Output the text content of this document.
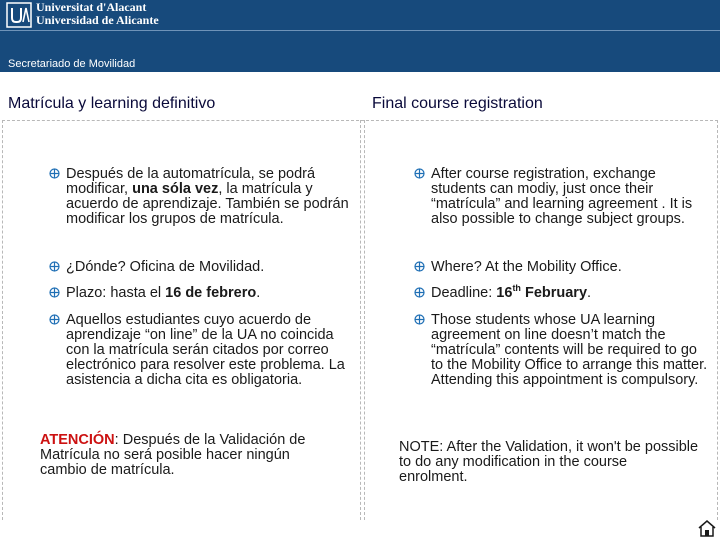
Universitat d'Alacant
Universidad de Alicante
Secretariado de Movilidad
Matrícula y learning definitivo	Final course registration

Después de la automatrícula, se podrá modificar, una sóla vez, la matrícula y acuerdo de aprendizaje. También se podrán modificar los grupos de matrícula.

¿Dónde? Oficina de Movilidad.

Plazo: hasta el 16 de febrero.

Aquellos estudiantes cuyo acuerdo de aprendizaje “on line” de la UA no coincida con la matrícula serán citados por correo electrónico para resolver este problema. La asistencia a dicha cita es obligatoria.

ATENCIÓN: Después de la Validación de Matrícula no será posible hacer ningún cambio de matrícula.

After course registration, exchange students can modiy, just once their “matrícula” and learning agreement . It is also possible to change subject groups.

Where? At the Mobility Office.

Deadline: 16th February.

Those students whose UA learning agreement on line doesn’t match the “matrícula” contents will be required to go to the Mobility Office to arrange this matter. Attending this appointment is compulsory.

NOTE: After the Validation, it won't be possible to do any modification in the course enrolment.
